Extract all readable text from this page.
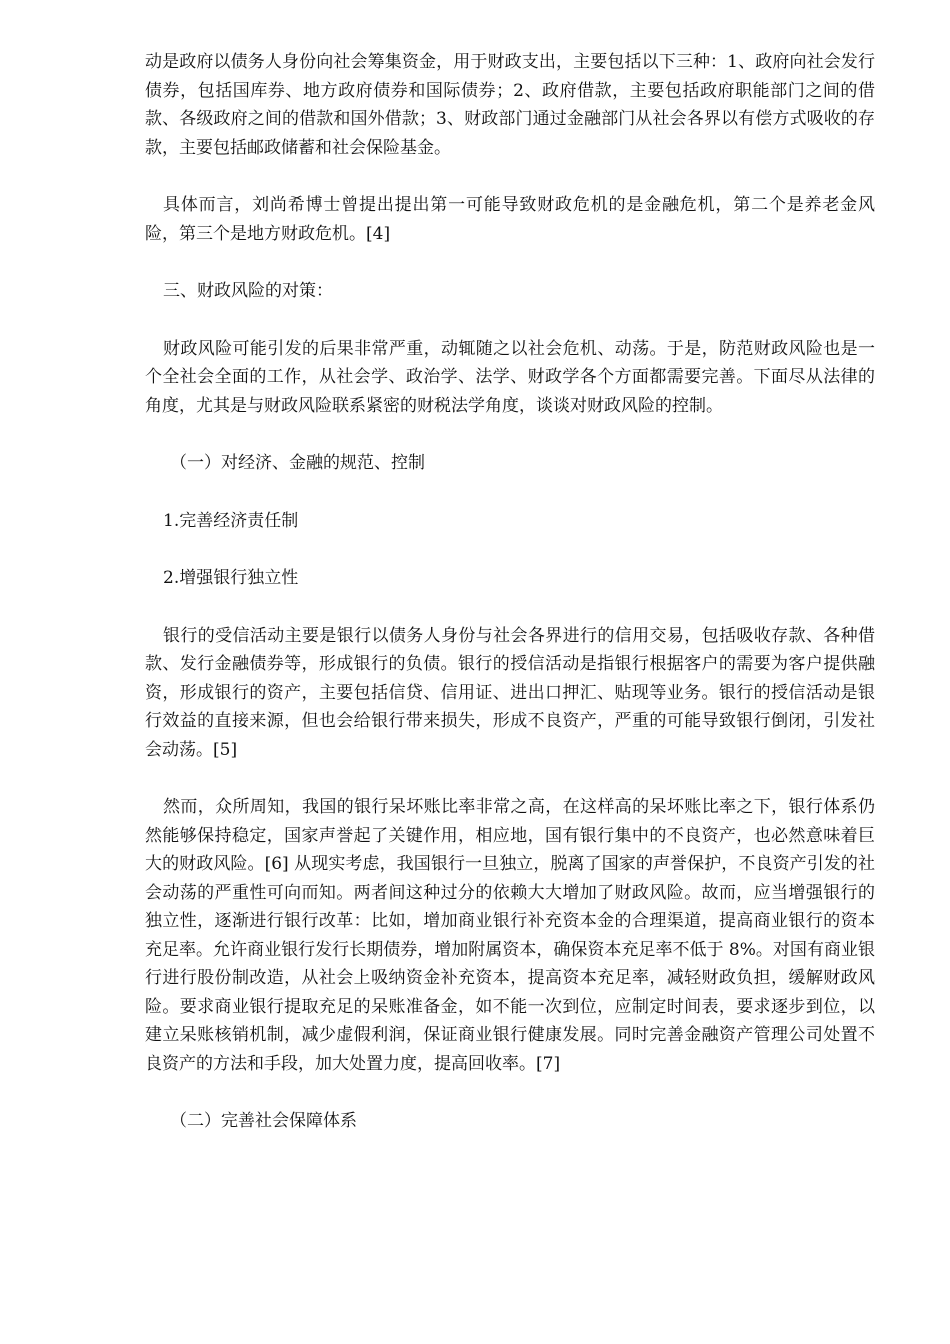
动是政府以债务人身份向社会筹集资金，用于财政支出，主要包括以下三种：1、政府向社会发行债券，包括国库券、地方政府债券和国际债券；2、政府借款，主要包括政府职能部门之间的借款、各级政府之间的借款和国外借款；3、财政部门通过金融部门从社会各界以有偿方式吸收的存款，主要包括邮政储蓄和社会保险基金。

具体而言，刘尚希博士曾提出提出第一可能导致财政危机的是金融危机，第二个是养老金风险，第三个是地方财政危机。[4]

三、财政风险的对策：

财政风险可能引发的后果非常严重，动辄随之以社会危机、动荡。于是，防范财政风险也是一个全社会全面的工作，从社会学、政治学、法学、财政学各个方面都需要完善。下面尽从法律的角度，尤其是与财政风险联系紧密的财税法学角度，谈谈对财政风险的控制。

（一）对经济、金融的规范、控制

1.完善经济责任制

2.增强银行独立性

银行的受信活动主要是银行以债务人身份与社会各界进行的信用交易，包括吸收存款、各种借款、发行金融债券等，形成银行的负债。银行的授信活动是指银行根据客户的需要为客户提供融资，形成银行的资产，主要包括信贷、信用证、进出口押汇、贴现等业务。银行的授信活动是银行效益的直接来源，但也会给银行带来损失，形成不良资产，严重的可能导致银行倒闭，引发社会动荡。[5]

然而，众所周知，我国的银行呆坏账比率非常之高，在这样高的呆坏账比率之下，银行体系仍然能够保持稳定，国家声誉起了关键作用，相应地，国有银行集中的不良资产，也必然意味着巨大的财政风险。[6] 从现实考虑，我国银行一旦独立，脱离了国家的声誉保护，不良资产引发的社会动荡的严重性可向而知。两者间这种过分的依赖大大增加了财政风险。故而，应当增强银行的独立性，逐渐进行银行改革：比如，增加商业银行补充资本金的合理渠道，提高商业银行的资本充足率。允许商业银行发行长期债券，增加附属资本，确保资本充足率不低于 8%。对国有商业银行进行股份制改造，从社会上吸纳资金补充资本，提高资本充足率，减轻财政负担，缓解财政风险。要求商业银行提取充足的呆账准备金，如不能一次到位，应制定时间表，要求逐步到位，以建立呆账核销机制，减少虚假利润，保证商业银行健康发展。同时完善金融资产管理公司处置不良资产的方法和手段，加大处置力度，提高回收率。[7]

（二）完善社会保障体系
